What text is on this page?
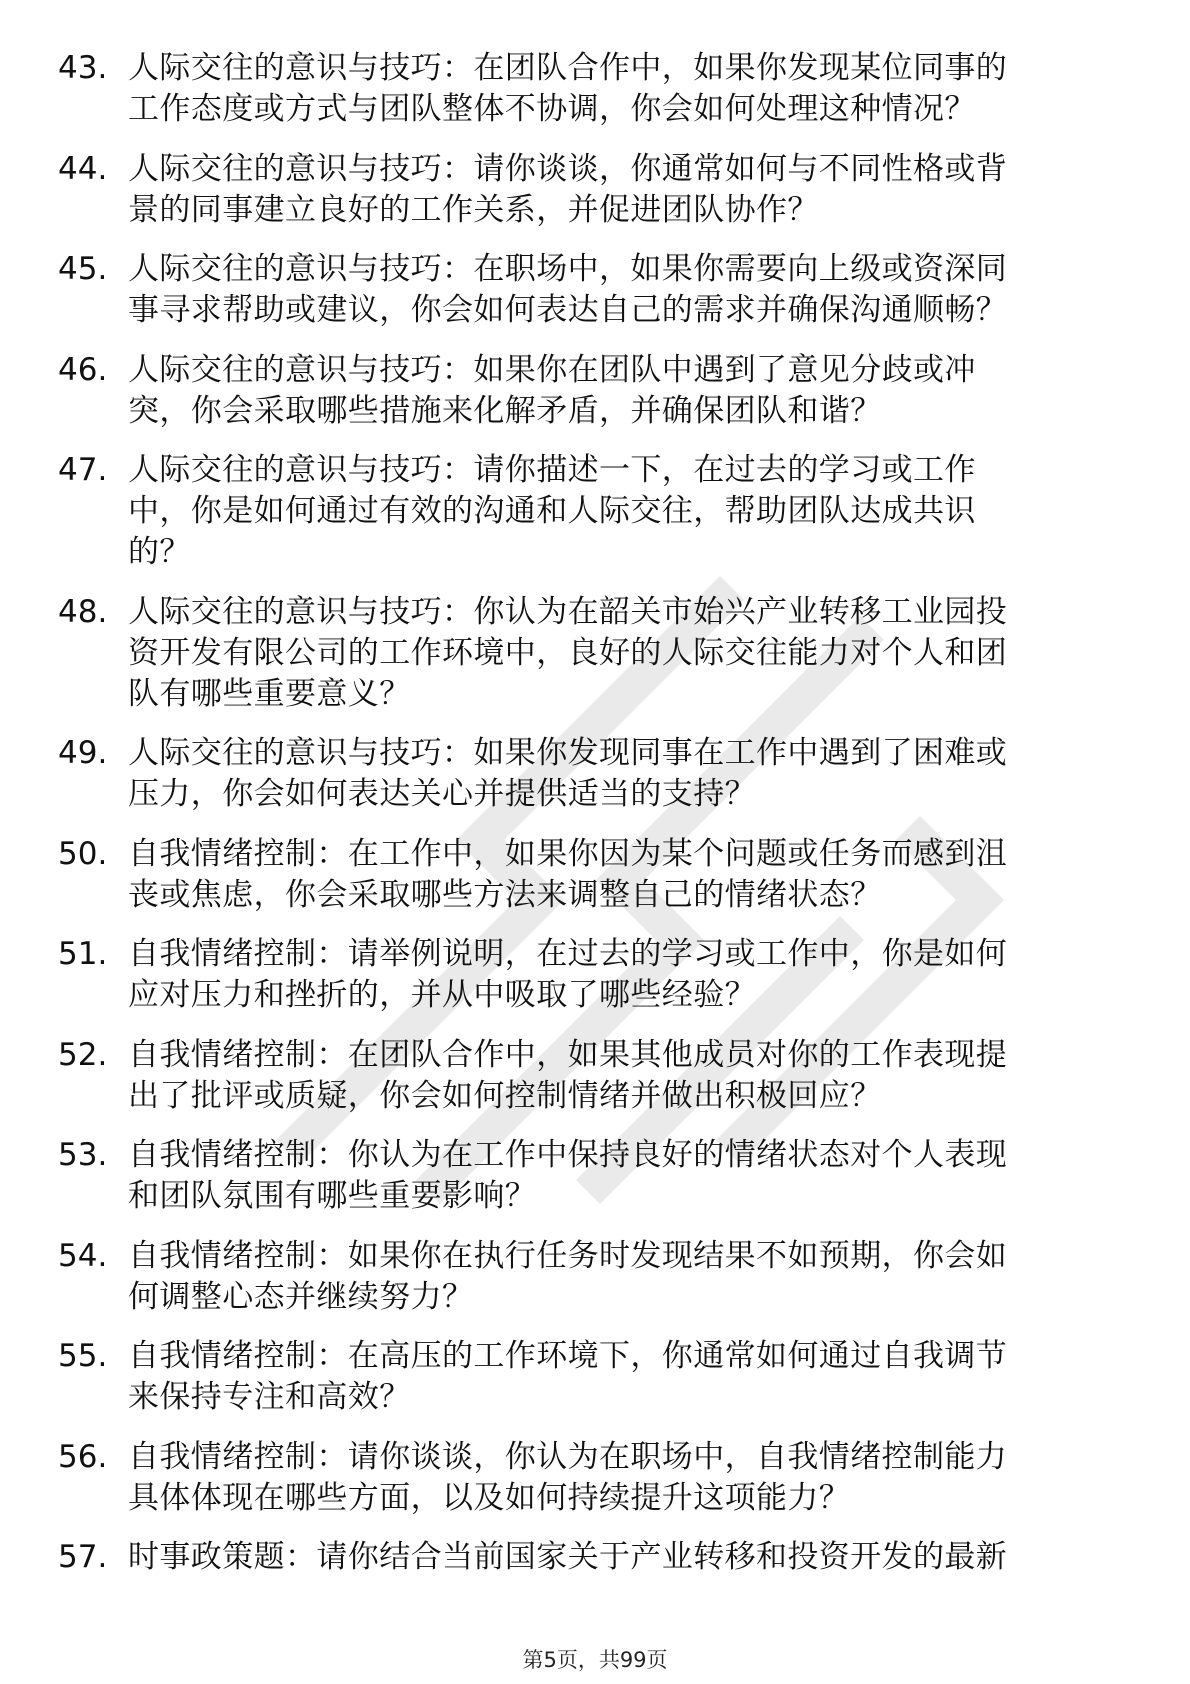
43. 人际交往的意识与技巧：在团队合作中，如果你发现某位同事的
工作态度或方式与团队整体不协调，你会如何处理这种情况？
44. 人际交往的意识与技巧：请你谈谈，你通常如何与不同性格或背
景的同事建立良好的工作关系，并促进团队协作？
45. 人际交往的意识与技巧：在职场中，如果你需要向上级或资深同
事寻求帮助或建议，你会如何表达自己的需求并确保沟通顺畅？
46. 人际交往的意识与技巧：如果你在团队中遇到了意见分歧或冲
突，你会采取哪些措施来化解矛盾，并确保团队和谐？
47. 人际交往的意识与技巧：请你描述一下，在过去的学习或工作
中，你是如何通过有效的沟通和人际交往，帮助团队达成共识
的？
48. 人际交往的意识与技巧：你认为在韶关市始兴产业转移工业园投
资开发有限公司的工作环境中，良好的人际交往能力对个人和团
队有哪些重要意义？
49. 人际交往的意识与技巧：如果你发现同事在工作中遇到了困难或
压力，你会如何表达关心并提供适当的支持？
50. 自我情绪控制：在工作中，如果你因为某个问题或任务而感到沮
丧或焦虑，你会采取哪些方法来调整自己的情绪状态？
51. 自我情绪控制：请举例说明，在过去的学习或工作中，你是如何
应对压力和挫折的，并从中吸取了哪些经验？
52. 自我情绪控制：在团队合作中，如果其他成员对你的工作表现提
出了批评或质疑，你会如何控制情绪并做出积极回应？
53. 自我情绪控制：你认为在工作中保持良好的情绪状态对个人表现
和团队氛围有哪些重要影响？
54. 自我情绪控制：如果你在执行任务时发现结果不如预期，你会如
何调整心态并继续努力？
55. 自我情绪控制：在高压的工作环境下，你通常如何通过自我调节
来保持专注和高效？
56. 自我情绪控制：请你谈谈，你认为在职场中，自我情绪控制能力
具体体现在哪些方面，以及如何持续提升这项能力？
57. 时事政策题：请你结合当前国家关于产业转移和投资开发的最新
第5页，共99页
